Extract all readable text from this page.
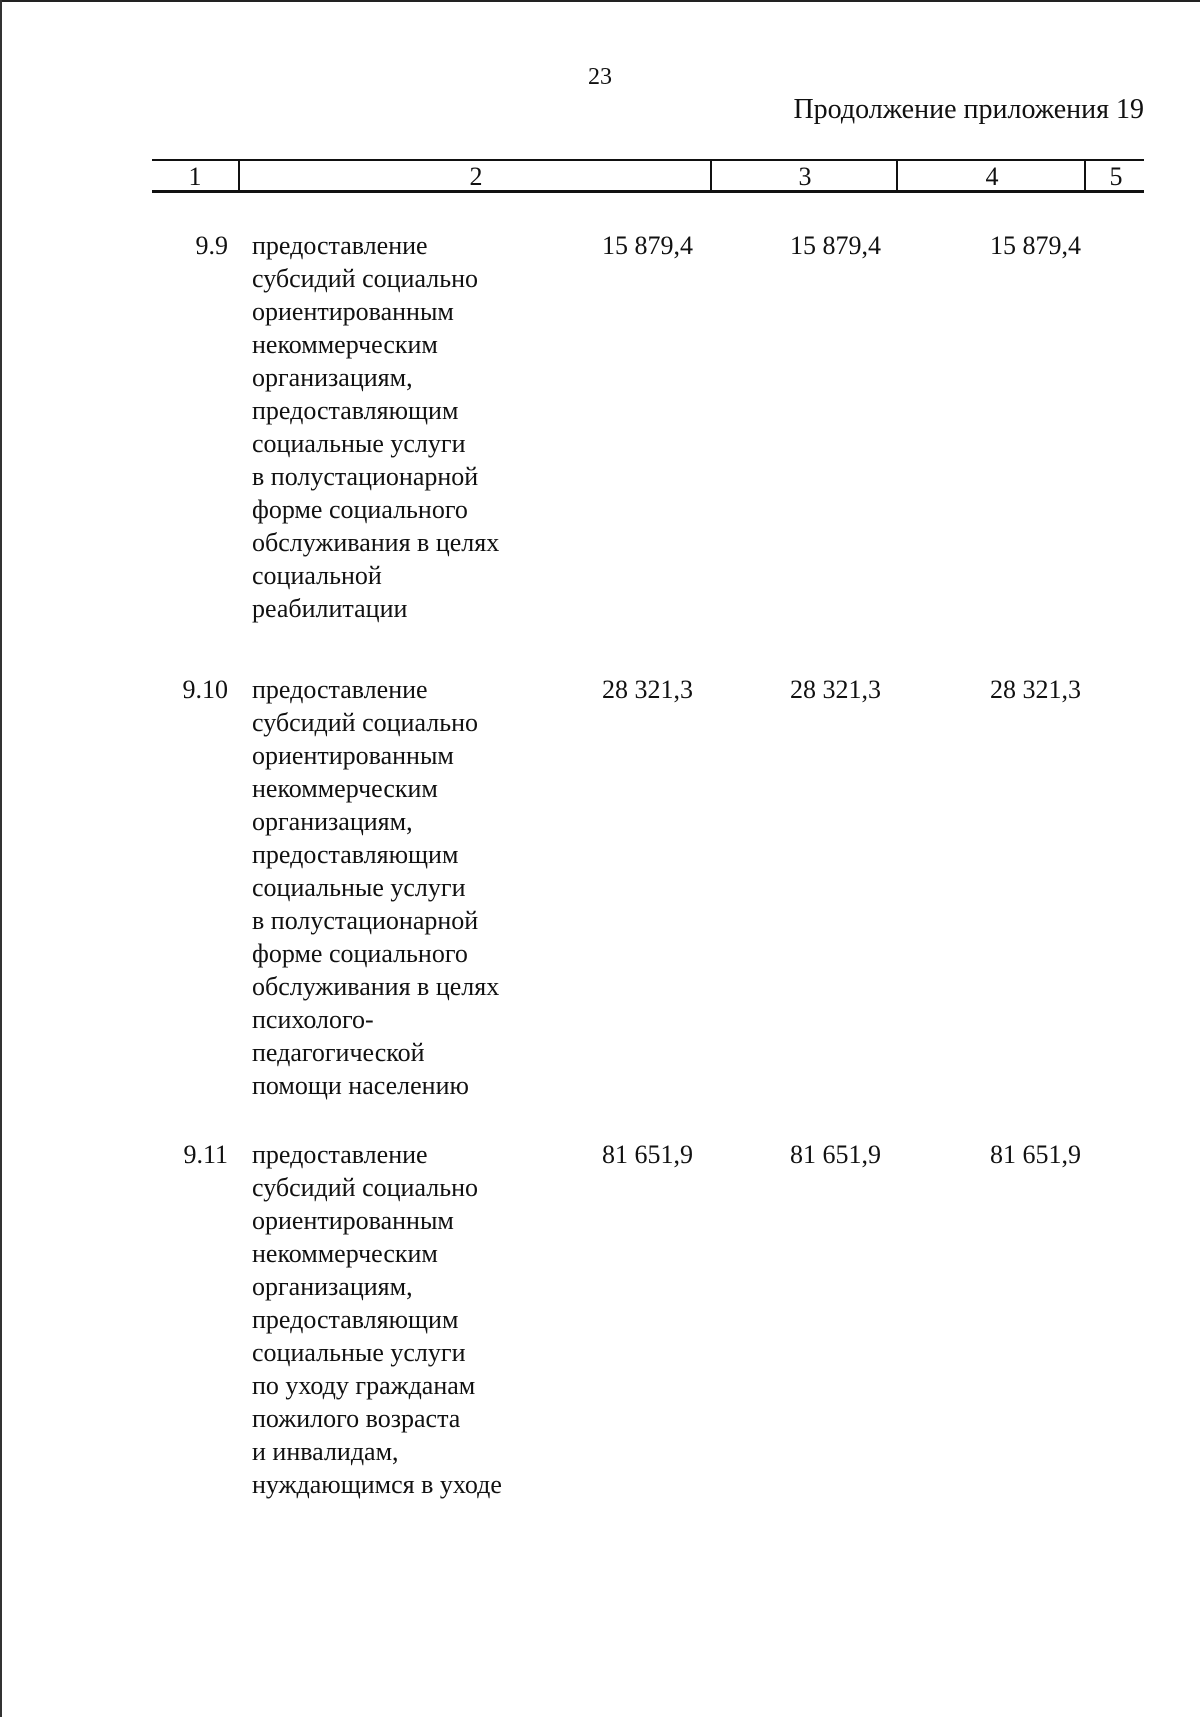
23
Продолжение приложения 19
1	2	3	4	5
9.9 предоставление
субсидий социально
ориентированным
некоммерческим
организациям,
предоставляющим
социальные услуги
в полустационарной
форме социального
обслуживания в целях
социальной
реабилитации
15 879,4	15 879,4	15 879,4
9.10 предоставление
субсидий социально
ориентированным
некоммерческим
организациям,
предоставляющим
социальные услуги
в полустационарной
форме социального
обслуживания в целях
психолого-
педагогической
помощи населению
28 321,3	28 321,3	28 321,3
9.11 предоставление
субсидий социально
ориентированным
некоммерческим
организациям,
предоставляющим
социальные услуги
по уходу гражданам
пожилого возраста
и инвалидам,
нуждающимся в уходе
81 651,9	81 651,9	81 651,9
